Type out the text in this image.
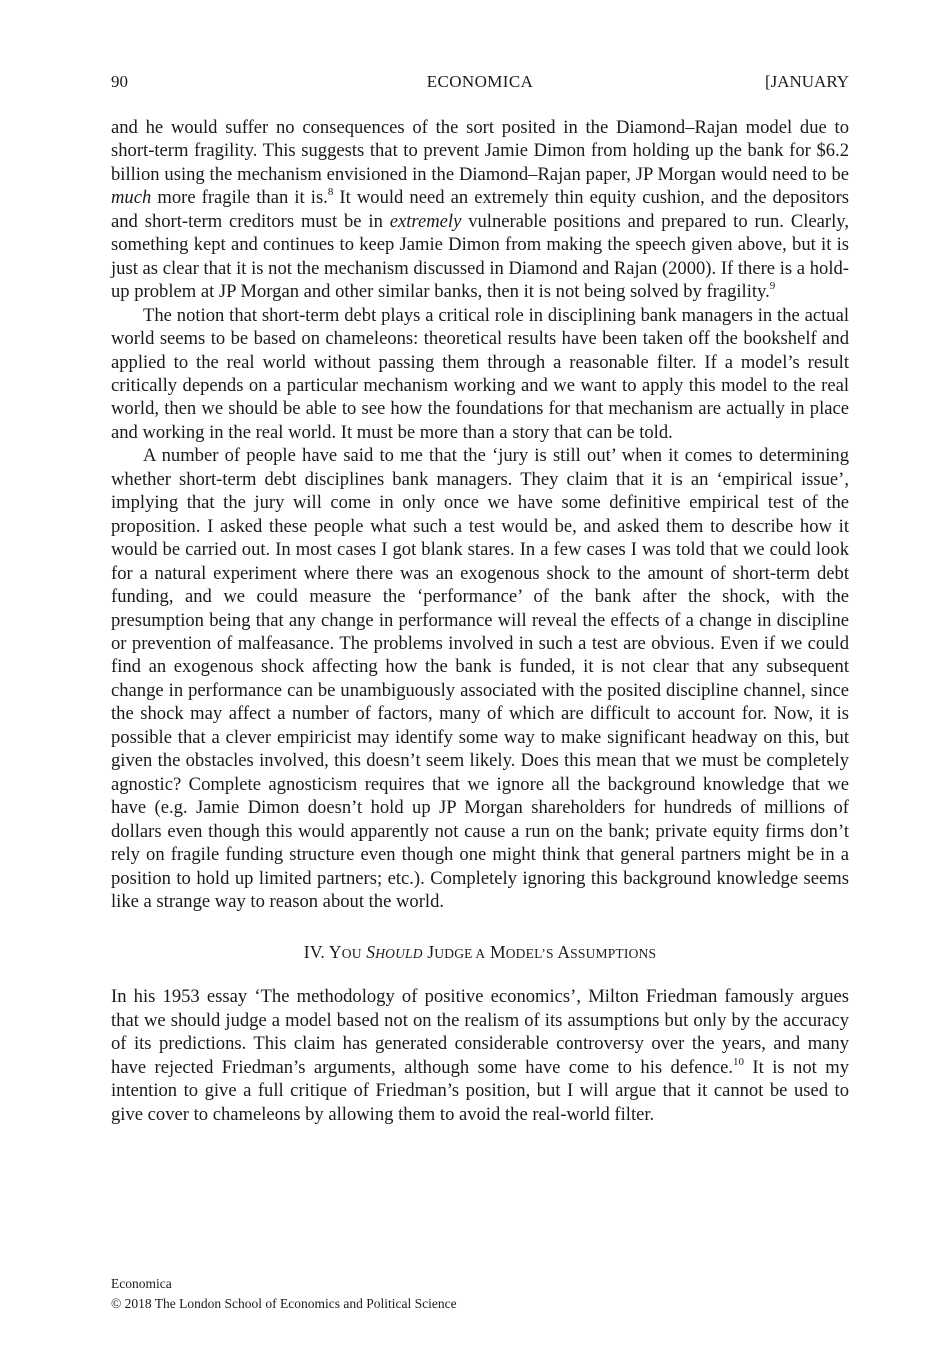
90	ECONOMICA	[JANUARY

and he would suffer no consequences of the sort posited in the Diamond–Rajan model due to short-term fragility. This suggests that to prevent Jamie Dimon from holding up the bank for $6.2 billion using the mechanism envisioned in the Diamond–Rajan paper, JP Morgan would need to be much more fragile than it is.$^8$ It would need an extremely thin equity cushion, and the depositors and short-term creditors must be in extremely vulnerable positions and prepared to run. Clearly, something kept and continues to keep Jamie Dimon from making the speech given above, but it is just as clear that it is not the mechanism discussed in Diamond and Rajan (2000). If there is a hold-up problem at JP Morgan and other similar banks, then it is not being solved by fragility.$^9$

The notion that short-term debt plays a critical role in disciplining bank managers in the actual world seems to be based on chameleons: theoretical results have been taken off the bookshelf and applied to the real world without passing them through a reasonable filter. If a model’s result critically depends on a particular mechanism working and we want to apply this model to the real world, then we should be able to see how the foundations for that mechanism are actually in place and working in the real world. It must be more than a story that can be told.

A number of people have said to me that the ‘jury is still out’ when it comes to determining whether short-term debt disciplines bank managers. They claim that it is an ‘empirical issue’, implying that the jury will come in only once we have some definitive empirical test of the proposition. I asked these people what such a test would be, and asked them to describe how it would be carried out. In most cases I got blank stares. In a few cases I was told that we could look for a natural experiment where there was an exogenous shock to the amount of short-term debt funding, and we could measure the ‘performance’ of the bank after the shock, with the presumption being that any change in performance will reveal the effects of a change in discipline or prevention of malfeasance. The problems involved in such a test are obvious. Even if we could find an exogenous shock affecting how the bank is funded, it is not clear that any subsequent change in performance can be unambiguously associated with the posited discipline channel, since the shock may affect a number of factors, many of which are difficult to account for. Now, it is possible that a clever empiricist may identify some way to make significant headway on this, but given the obstacles involved, this doesn’t seem likely. Does this mean that we must be completely agnostic? Complete agnosticism requires that we ignore all the background knowledge that we have (e.g. Jamie Dimon doesn’t hold up JP Morgan shareholders for hundreds of millions of dollars even though this would apparently not cause a run on the bank; private equity firms don’t rely on fragile funding structure even though one might think that general partners might be in a position to hold up limited partners; etc.). Completely ignoring this background knowledge seems like a strange way to reason about the world.

IV. YOU SHOULD JUDGE A MODEL’S ASSUMPTIONS

In his 1953 essay ‘The methodology of positive economics’, Milton Friedman famously argues that we should judge a model based not on the realism of its assumptions but only by the accuracy of its predictions. This claim has generated considerable controversy over the years, and many have rejected Friedman’s arguments, although some have come to his defence.$^{10}$ It is not my intention to give a full critique of Friedman’s position, but I will argue that it cannot be used to give cover to chameleons by allowing them to avoid the real-world filter.

Economica
© 2018 The London School of Economics and Political Science
